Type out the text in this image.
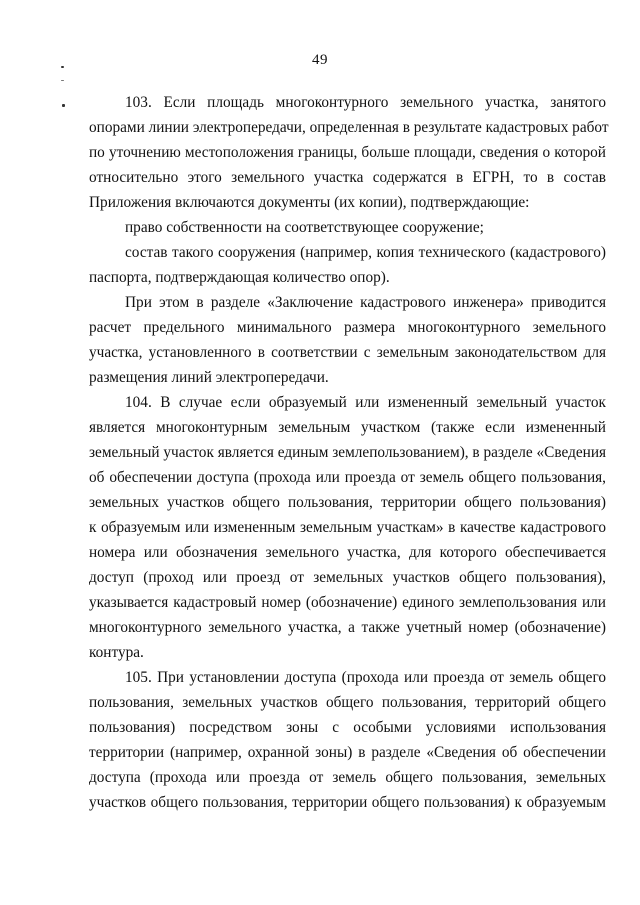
49
103. Если площадь многоконтурного земельного участка, занятого
опорами линии электропередачи, определенная в результате кадастровых работ
по уточнению местоположения границы, больше площади, сведения о которой
относительно этого земельного участка содержатся в ЕГРН, то в состав
Приложения включаются документы (их копии), подтверждающие:
право собственности на соответствующее сооружение;
состав такого сооружения (например, копия технического (кадастрового)
паспорта, подтверждающая количество опор).
При этом в разделе «Заключение кадастрового инженера» приводится
расчет предельного минимального размера многоконтурного земельного
участка, установленного в соответствии с земельным законодательством для
размещения линий электропередачи.
104. В случае если образуемый или измененный земельный участок
является многоконтурным земельным участком (также если измененный
земельный участок является единым землепользованием), в разделе «Сведения
об обеспечении доступа (прохода или проезда от земель общего пользования,
земельных участков общего пользования, территории общего пользования)
к образуемым или измененным земельным участкам» в качестве кадастрового
номера или обозначения земельного участка, для которого обеспечивается
доступ (проход или проезд от земельных участков общего пользования),
указывается кадастровый номер (обозначение) единого землепользования или
многоконтурного земельного участка, а также учетный номер (обозначение)
контура.
105. При установлении доступа (прохода или проезда от земель общего
пользования, земельных участков общего пользования, территорий общего
пользования) посредством зоны с особыми условиями использования
территории (например, охранной зоны) в разделе «Сведения об обеспечении
доступа (прохода или проезда от земель общего пользования, земельных
участков общего пользования, территории общего пользования) к образуемым
